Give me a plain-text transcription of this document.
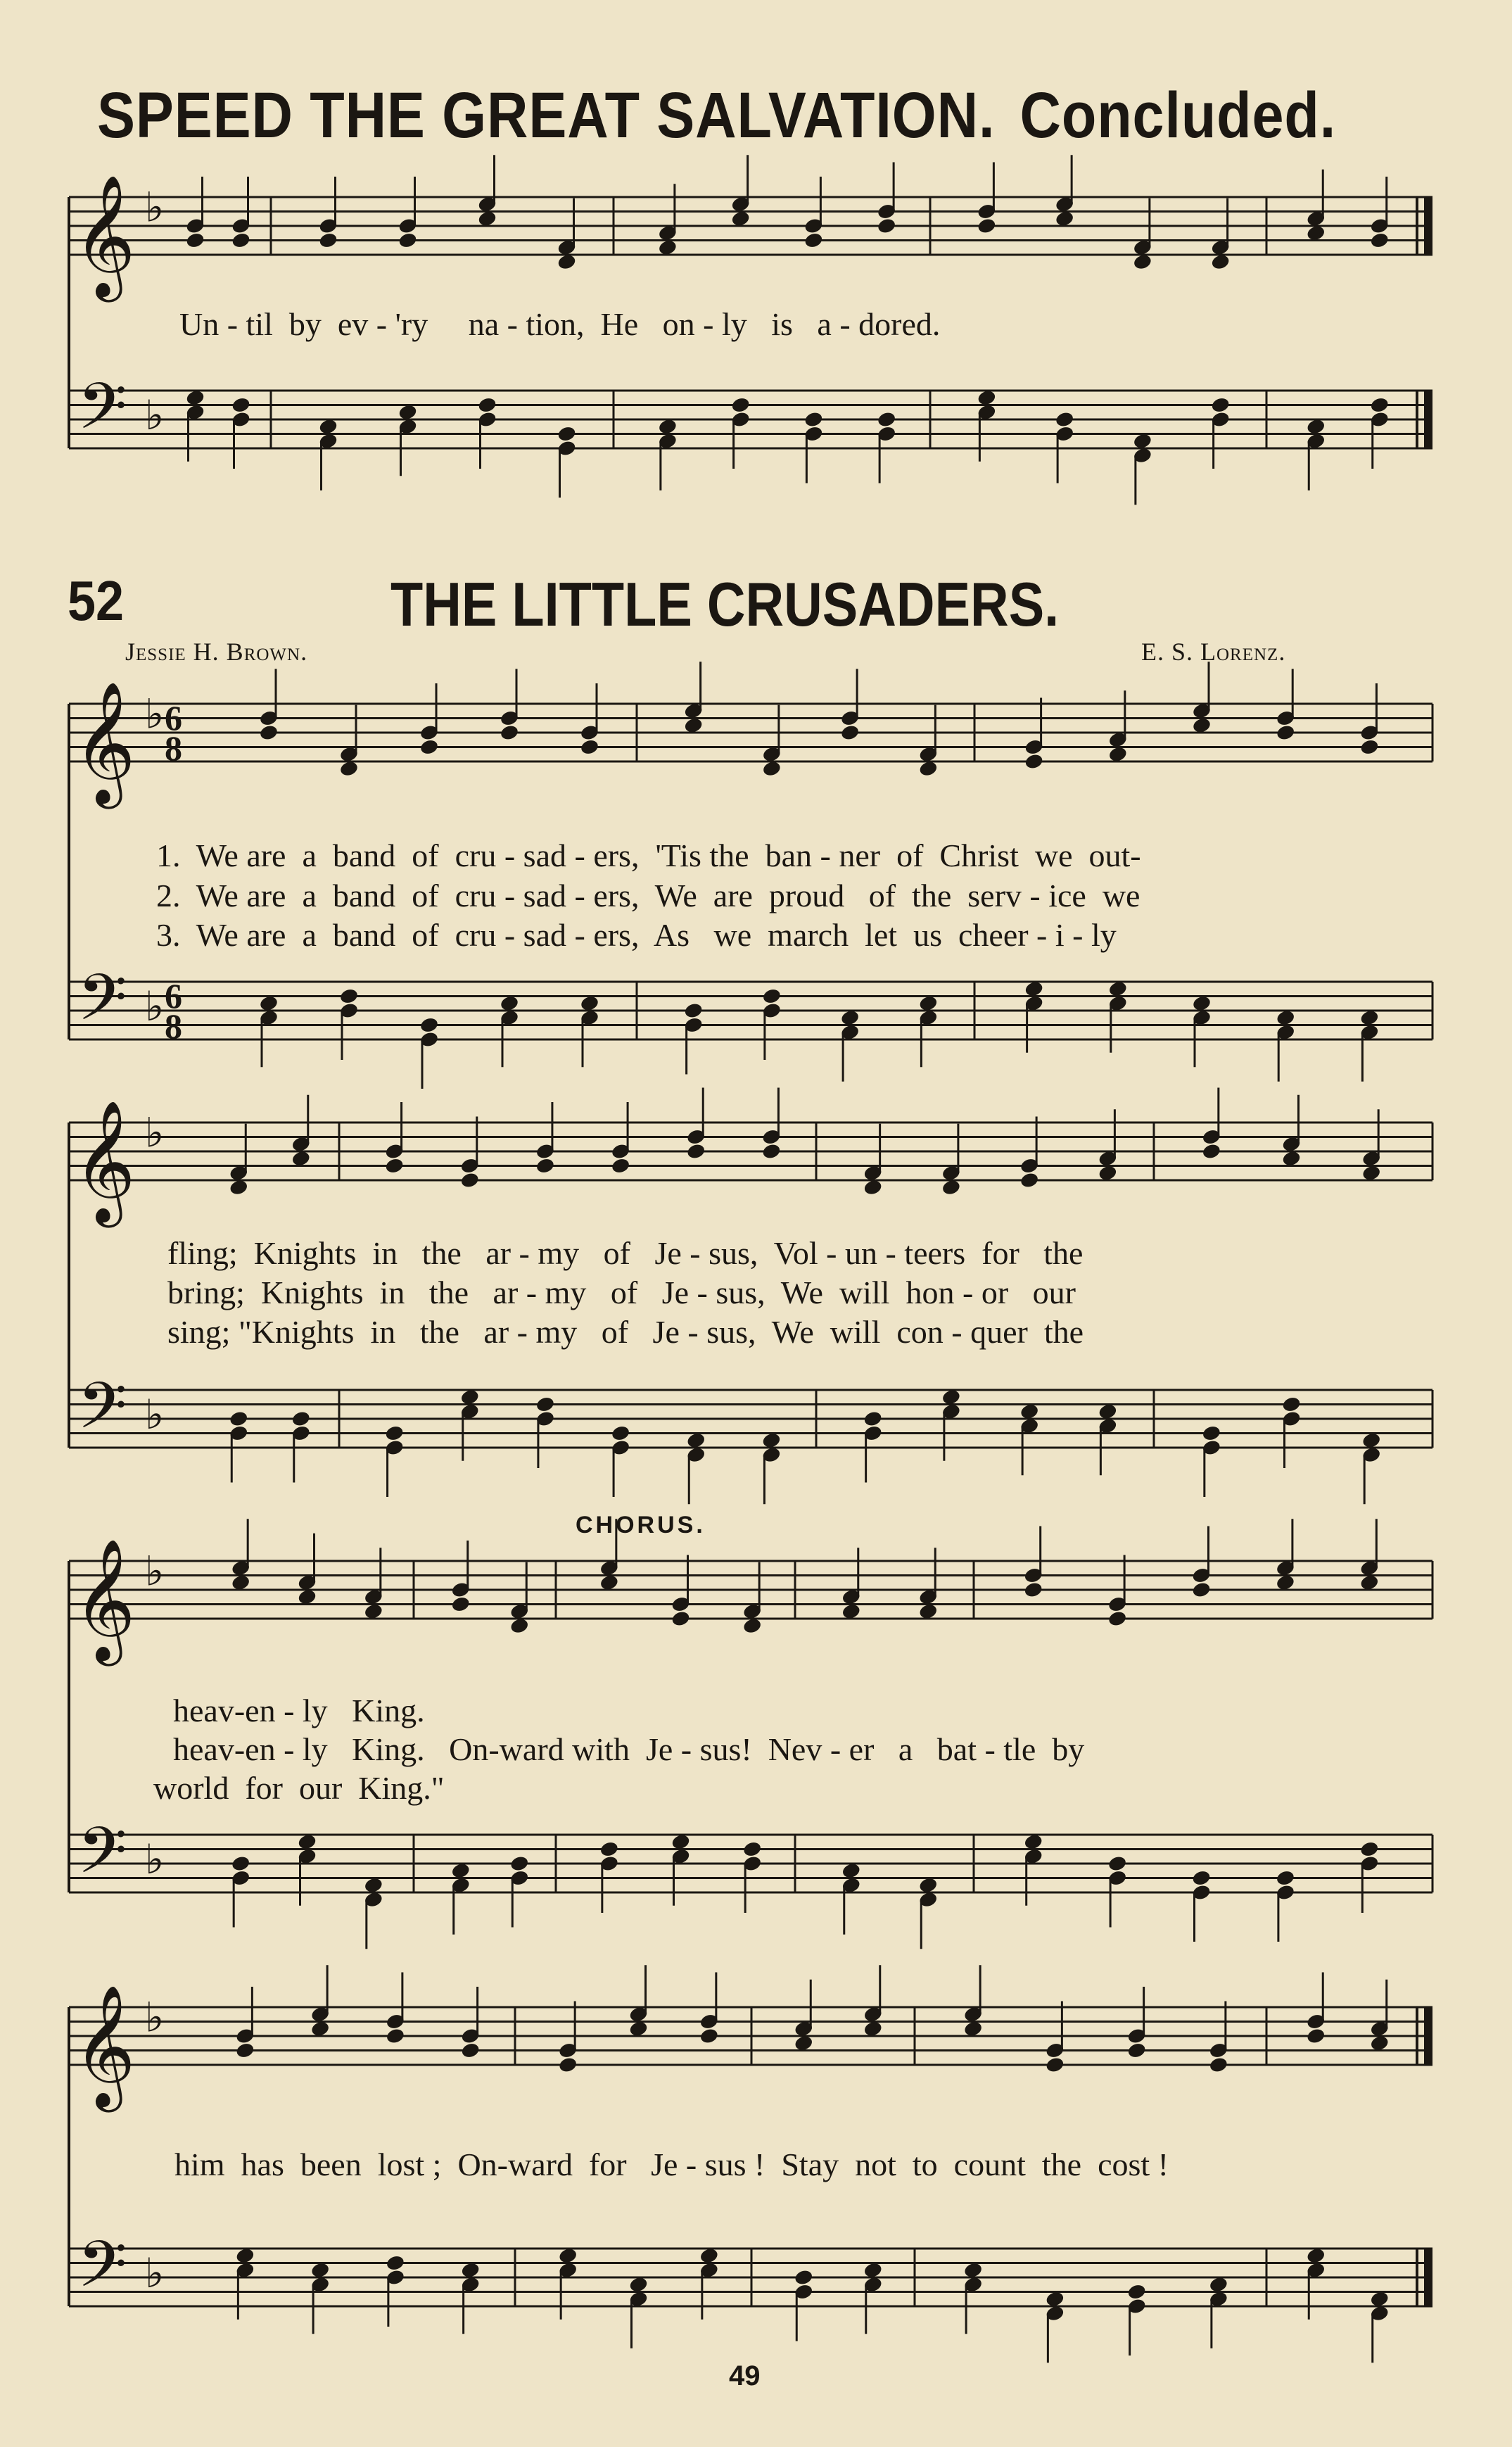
SPEED THE GREAT SALVATION. Concluded.
52	THE LITTLE CRUSADERS.
Jessie H. Brown.	E. S. Lorenz.
𝄞
𝄢
♭
♭
𝄞
𝄢
♭
♭
6
8
6
8
𝄞
𝄢
♭
♭
𝄞
𝄢
♭
♭
𝄞
𝄢
♭
♭
Un - til  by  ev - 'ry     na - tion,  He   on - ly   is   a - dored.
1.  We are  a  band  of  cru - sad - ers,  'Tis the  ban - ner  of  Christ  we  out-
2.  We are  a  band  of  cru - sad - ers,  We  are  proud   of  the  serv - ice  we
3.  We are  a  band  of  cru - sad - ers,  As   we  march  let  us  cheer - i - ly
fling;  Knights  in   the   ar - my   of   Je - sus,  Vol - un - teers  for   the
bring;  Knights  in   the   ar - my   of   Je - sus,  We  will  hon - or   our
sing; "Knights  in   the   ar - my   of   Je - sus,  We  will  con - quer  the
CHORUS.
heav-en - ly   King.
heav-en - ly   King.   On-ward with  Je - sus!  Nev - er   a   bat - tle  by
world  for  our  King."
him  has  been  lost ;  On-ward  for   Je - sus !  Stay  not  to  count  the  cost !
49
